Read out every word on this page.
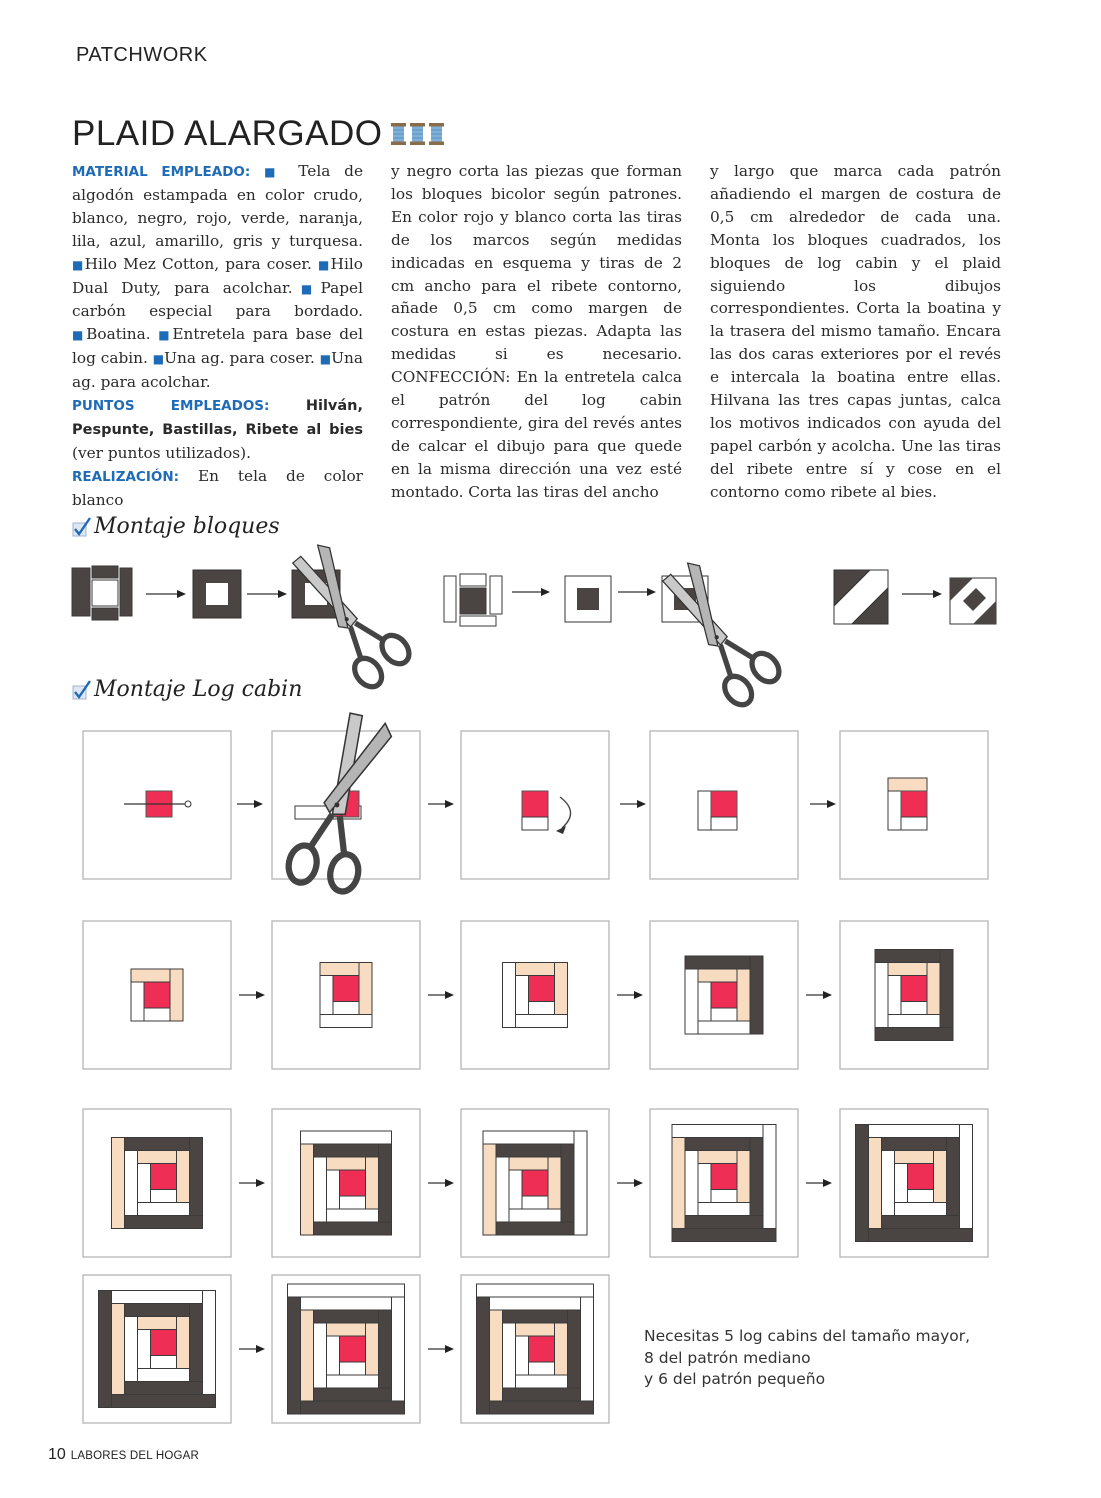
PATCHWORK
PLAID ALARGADO

MATERIAL EMPLEADO: ■ Tela de algodón estampada en color crudo, blanco, negro, rojo, verde, naranja, lila, azul, amarillo, gris y turquesa. ■Hilo Mez Cotton, para coser. ■Hilo Dual Duty, para acolchar.■Papel carbón especial para bordado. ■Boatina. ■Entretela para base del log cabin. ■Una ag. para coser. ■Una ag. para acolchar.

PUNTOS EMPLEADOS:	Hilván, Pespunte, Bastillas, Ribete al bies (ver puntos utilizados).

REALIZACIÓN: En tela de color blanco

y negro corta las piezas que forman los bloques bicolor según patrones. En color rojo y blanco corta las tiras de los marcos según medidas indicadas en esquema y tiras de 2 cm ancho para el ribete contorno, añade 0,5 cm como margen de costura en estas piezas. Adapta las medidas si es necesario. CONFECCIÓN: En la entretela calca el patrón del log cabin correspondiente, gira del revés antes de calcar el dibujo para que quede en la misma dirección una vez esté montado. Corta las tiras del ancho

y largo que marca cada patrón añadiendo el margen de costura de 0,5 cm alrededor de cada una. Monta los bloques cuadrados, los bloques de log cabin y el plaid siguiendo los dibujos correspondientes. Corta la boatina y la trasera del mismo tamaño. Encara las dos caras exteriores por el revés e intercala la boatina entre ellas. Hilvana las tres capas juntas, calca los motivos indicados con ayuda del papel carbón y acolcha. Une las tiras del ribete entre sí y cose en el contorno como ribete al bies.

Montaje bloques
Montaje Log cabin
Necesitas 5 log cabins del tamaño mayor,
8 del patrón mediano
y 6 del patrón pequeño
10 LABORES DEL HOGAR
